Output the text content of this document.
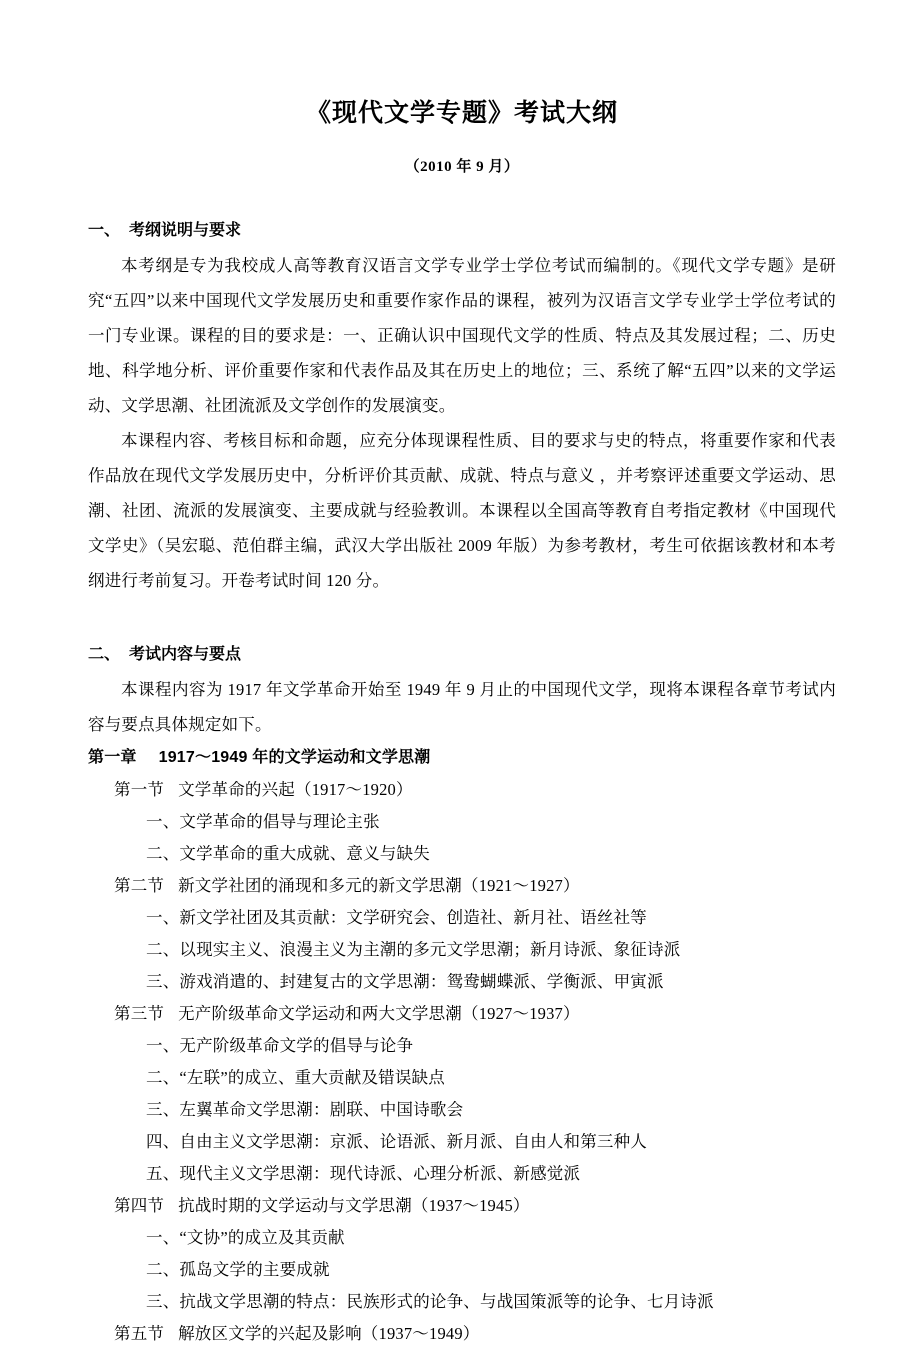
《现代文学专题》考试大纲
（2010 年 9 月）
一、 考纲说明与要求

本考纲是专为我校成人高等教育汉语言文学专业学士学位考试而编制的。《现代文学专题》是研究“五四”以来中国现代文学发展历史和重要作家作品的课程，被列为汉语言文学专业学士学位考试的一门专业课。课程的目的要求是：一、正确认识中国现代文学的性质、特点及其发展过程；二、历史地、科学地分析、评价重要作家和代表作品及其在历史上的地位；三、系统了解“五四”以来的文学运动、文学思潮、社团流派及文学创作的发展演变。

本课程内容、考核目标和命题，应充分体现课程性质、目的要求与史的特点，将重要作家和代表作品放在现代文学发展历史中，分析评价其贡献、成就、特点与意义 ，并考察评述重要文学运动、思潮、社团、流派的发展演变、主要成就与经验教训。本课程以全国高等教育自考指定教材《中国现代文学史》（吴宏聪、范伯群主编，武汉大学出版社 2009 年版）为参考教材，考生可依据该教材和本考纲进行考前复习。开卷考试时间 120 分。

二、 考试内容与要点

本课程内容为 1917 年文学革命开始至 1949 年 9 月止的中国现代文学，现将本课程各章节考试内容与要点具体规定如下。

第一章 1917～1949 年的文学运动和文学思潮
第一节 文学革命的兴起（1917～1920）
一、文学革命的倡导与理论主张
二、文学革命的重大成就、意义与缺失
第二节 新文学社团的涌现和多元的新文学思潮（1921～1927）
一、新文学社团及其贡献：文学研究会、创造社、新月社、语丝社等
二、以现实主义、浪漫主义为主潮的多元文学思潮；新月诗派、象征诗派
三、游戏消遣的、封建复古的文学思潮：鸳鸯蝴蝶派、学衡派、甲寅派
第三节 无产阶级革命文学运动和两大文学思潮（1927～1937）
一、无产阶级革命文学的倡导与论争
二、“左联”的成立、重大贡献及错误缺点
三、左翼革命文学思潮：剧联、中国诗歌会
四、自由主义文学思潮：京派、论语派、新月派、自由人和第三种人
五、现代主义文学思潮：现代诗派、心理分析派、新感觉派
第四节 抗战时期的文学运动与文学思潮（1937～1945）
一、“文协”的成立及其贡献
二、孤岛文学的主要成就
三、抗战文学思潮的特点：民族形式的论争、与战国策派等的论争、七月诗派
第五节 解放区文学的兴起及影响（1937～1949）
